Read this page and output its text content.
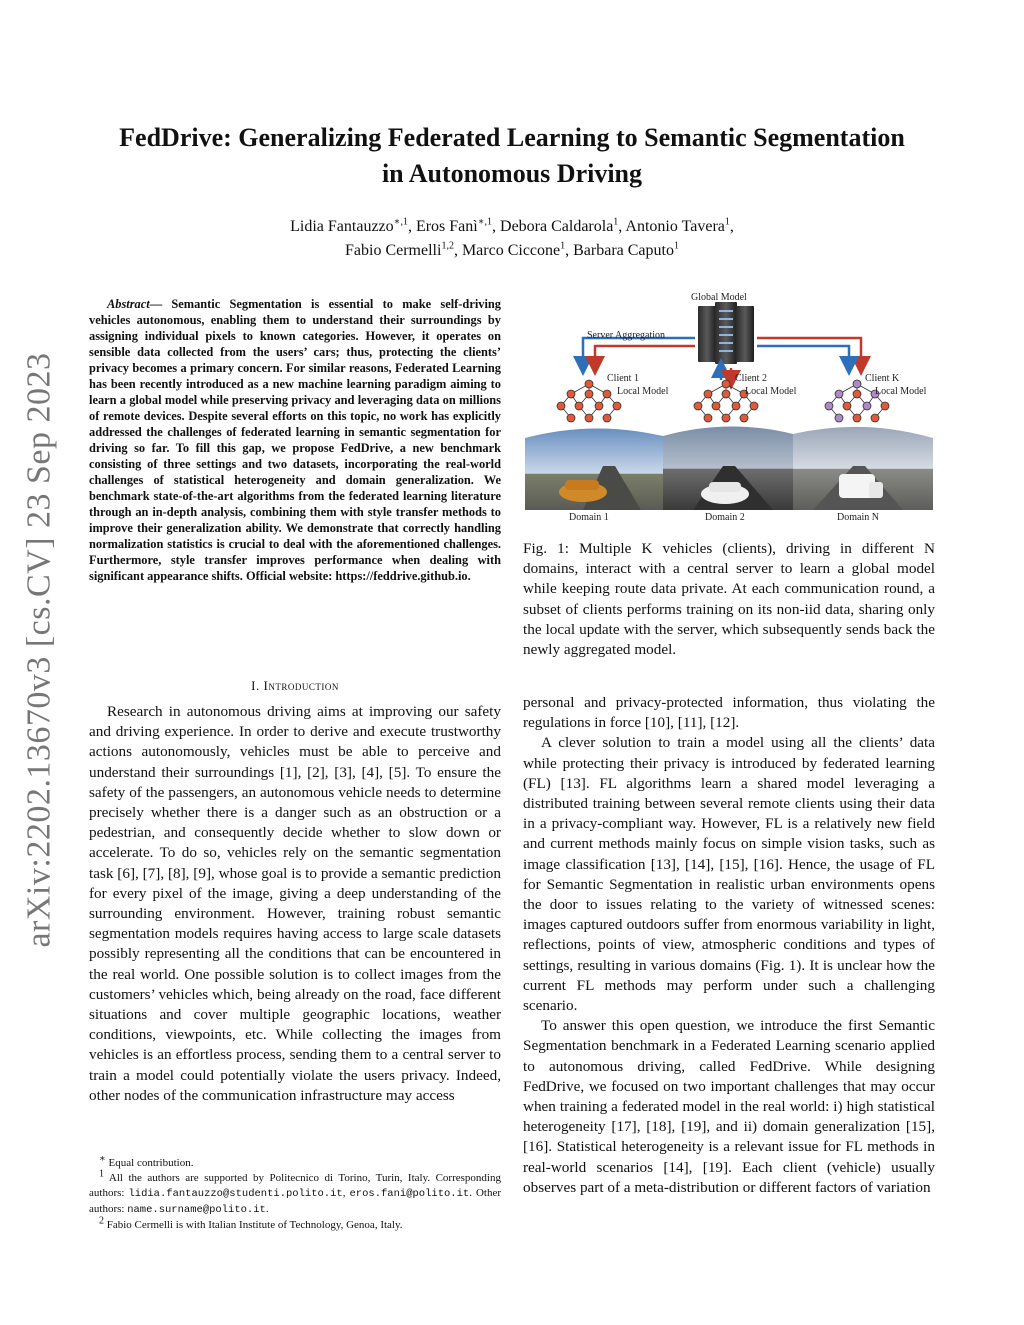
arXiv:2202.13670v3 [cs.CV] 23 Sep 2023
FedDrive: Generalizing Federated Learning to Semantic Segmentation
in Autonomous Driving
Lidia Fantauzzo$^{∗,1}$, Eros Fanì$^{∗,1}$, Debora Caldarola$^1$, Antonio Tavera$^1$,
Fabio Cermelli$^{1,2}$, Marco Ciccone$^1$, Barbara Caputo$^1$
Abstract— Semantic Segmentation is essential to make self-driving vehicles autonomous, enabling them to understand their surroundings by assigning individual pixels to known categories. However, it operates on sensible data collected from the users’ cars; thus, protecting the clients’ privacy becomes a primary concern. For similar reasons, Federated Learning has been recently introduced as a new machine learning paradigm aiming to learn a global model while preserving privacy and leveraging data on millions of remote devices. Despite several efforts on this topic, no work has explicitly addressed the challenges of federated learning in semantic segmentation for driving so far. To fill this gap, we propose FedDrive, a new benchmark consisting of three settings and two datasets, incorporating the real-world challenges of statistical heterogeneity and domain generalization. We benchmark state-of-the-art algorithms from the federated learning literature through an in-depth analysis, combining them with style transfer methods to improve their generalization ability. We demonstrate that correctly handling normalization statistics is crucial to deal with the aforementioned challenges. Furthermore, style transfer improves performance when dealing with significant appearance shifts. Official website: https://feddrive.github.io.
I. Introduction

Research in autonomous driving aims at improving our safety and driving experience. In order to derive and execute trustworthy actions autonomously, vehicles must be able to perceive and understand their surroundings [1], [2], [3], [4], [5]. To ensure the safety of the passengers, an autonomous vehicle needs to determine precisely whether there is a danger such as an obstruction or a pedestrian, and consequently decide whether to slow down or accelerate. To do so, vehicles rely on the semantic segmentation task [6], [7], [8], [9], whose goal is to provide a semantic prediction for every pixel of the image, giving a deep understanding of the surrounding environment. However, training robust semantic segmentation models requires having access to large scale datasets possibly representing all the conditions that can be encountered in the real world. One possible solution is to collect images from the customers’ vehicles which, being already on the road, face different situations and cover multiple geographic locations, weather conditions, viewpoints, etc. While collecting the images from vehicles is an effortless process, sending them to a central server to train a model could potentially violate the users privacy. Indeed, other nodes of the communication infrastructure may access

∗ Equal contribution.
$^1$ All the authors are supported by Politecnico di Torino, Turin, Italy. Corresponding authors: lidia.fantauzzo@studenti.polito.it, eros.fani@polito.it. Other authors: name.surname@polito.it.
$^2$ Fabio Cermelli is with Italian Institute of Technology, Genoa, Italy.
Global Model
Server Aggregation
Client 1
Local Model
Client 2
Local Model
Client K
Local Model
Domain 1	Domain 2	Domain N
Fig. 1: Multiple K vehicles (clients), driving in different N domains, interact with a central server to learn a global model while keeping route data private. At each communication round, a subset of clients performs training on its non-iid data, sharing only the local update with the server, which subsequently sends back the newly aggregated model.

personal and privacy-protected information, thus violating the regulations in force [10], [11], [12].

A clever solution to train a model using all the clients’ data while protecting their privacy is introduced by federated learning (FL) [13]. FL algorithms learn a shared model leveraging a distributed training between several remote clients using their data in a privacy-compliant way. However, FL is a relatively new field and current methods mainly focus on simple vision tasks, such as image classification [13], [14], [15], [16]. Hence, the usage of FL for Semantic Segmentation in realistic urban environments opens the door to issues relating to the variety of witnessed scenes: images captured outdoors suffer from enormous variability in light, reflections, points of view, atmospheric conditions and types of settings, resulting in various domains (Fig. 1). It is unclear how the current FL methods may perform under such a challenging scenario.

To answer this open question, we introduce the first Semantic Segmentation benchmark in a Federated Learning scenario applied to autonomous driving, called FedDrive. While designing FedDrive, we focused on two important challenges that may occur when training a federated model in the real world: i) high statistical heterogeneity [17], [18], [19], and ii) domain generalization [15], [16]. Statistical heterogeneity is a relevant issue for FL methods in real-world scenarios [14], [19]. Each client (vehicle) usually observes part of a meta-distribution or different factors of variation
